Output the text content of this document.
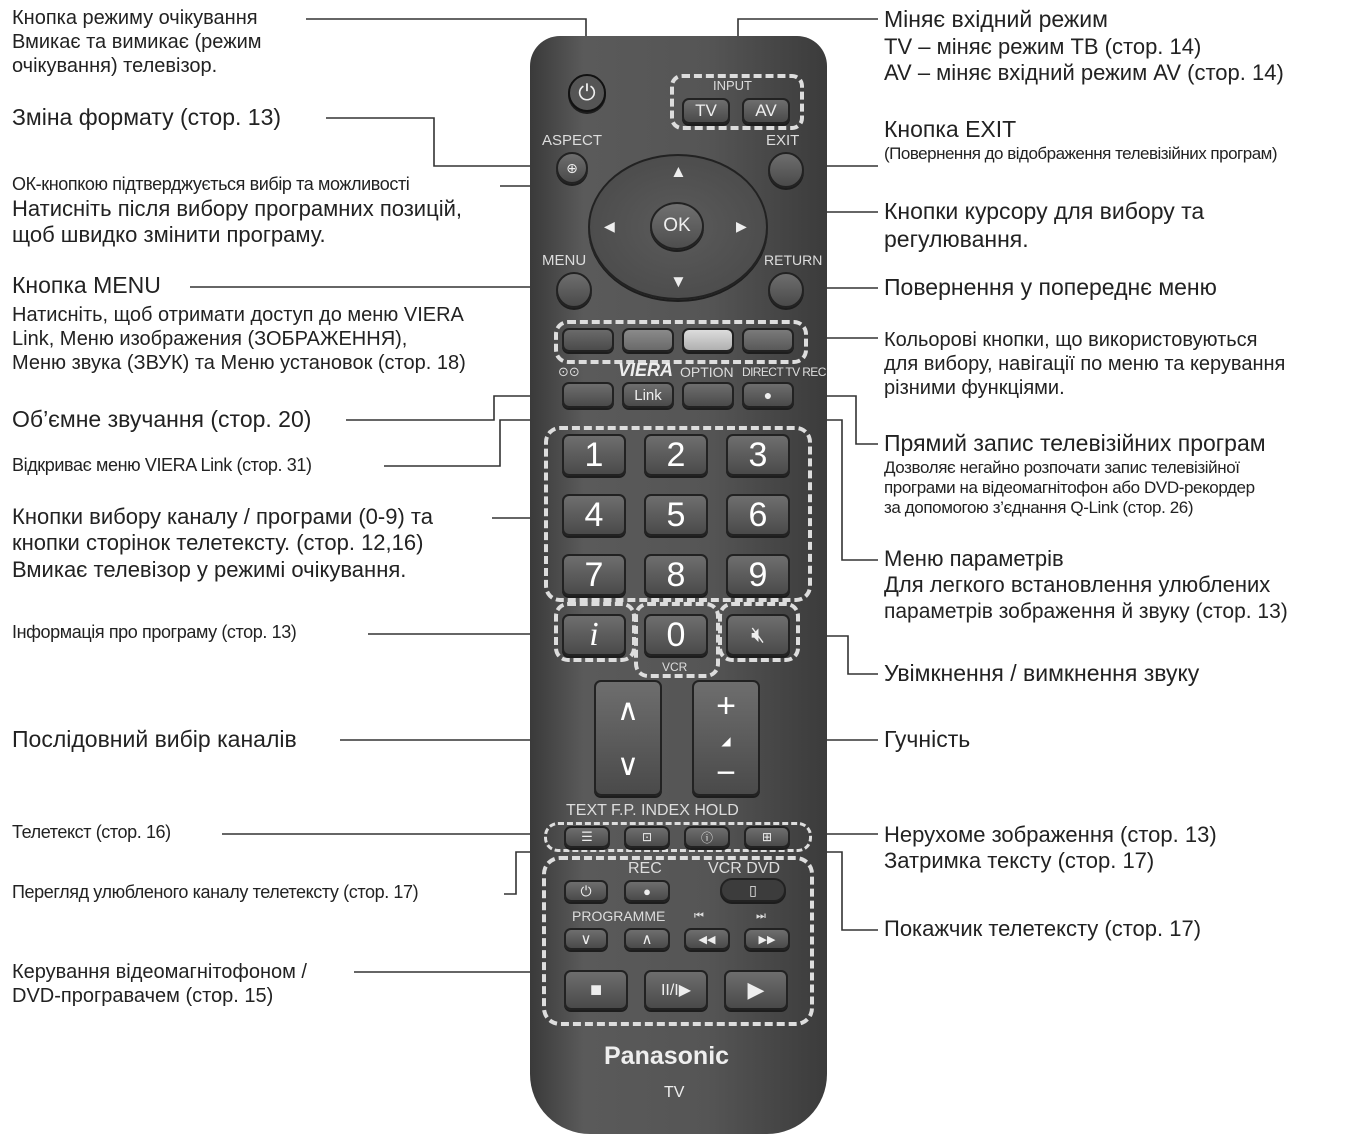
Кнопка режиму очікування
Вмикає та вимикає (режим
очікування) телевізор.
Зміна формату (стор. 13)
ОК-кнопкою підтверджується вибір та можливості
Натисніть після вибору програмних позицій,
щоб швидко змінити програму.
Кнопка MENU
Натисніть, щоб отримати доступ до меню VIERA
Link, Меню изображения (ЗОБРАЖЕННЯ),
Меню звука (ЗВУК) та Меню установок (стор. 18)
Об’ємне звучання (стор. 20)
Відкриває меню VIERA Link (стор. 31)
Кнопки вибору каналу / програми (0-9) та
кнопки сторінок телетексту. (стор. 12,16)
Вмикає телевізор у режимі очікування.
Інформація про програму (стор. 13)
Послідовний вибір каналів
Телетекст (стор. 16)
Перегляд улюбленого каналу телетексту (стор. 17)
Керування відеомагнітофоном /
DVD-програвачем (стор. 15)
Міняє вхідний режим
TV – міняє режим ТВ (стор. 14)
AV – міняє вхідний режим AV (стор. 14)
Кнопка EXIT
(Повернення до відображення телевізійних програм)
Кнопки курсору для вибору та
регулювання.
Повернення у попереднє меню
Кольорові кнопки, що використовуються
для вибору, навігації по меню та керування
різними функціями.
Прямий запис телевізійних програм
Дозволяє негайно розпочати запис телевізійної
програми на відеомагнітофон або DVD-рекордер
за допомогою з’єднання Q-Link (стор. 26)
Меню параметрів
Для легкого встановлення улюблених
параметрів зображення й звуку (стор. 13)
Увімкнення / вимкнення звуку
Гучність
Нерухоме зображення (стор. 13)
Затримка тексту (стор. 17)
Покажчик телетексту (стор. 17)
⏻	INPUT
TV	AV
ASPECT
⊕
EXIT
▲
▼
◀	▶
OK
MENU	RETURN
⊙⊙ VIERA OPTION DIRECT TV REC
Link	●
1	2	3
4	5	6
7	8	9
i	0	🔇︎
VCR
∧
∨
+
◢
−
TEXT F.P. INDEX HOLD
☰	⊡	ⓘ	⊞
REC	VCR DVD
⏻	●	▯
PROGRAMME	⏮	⏭
∨	∧	◀◀	▶▶
■	II/I▶	▶
Panasonic
TV
